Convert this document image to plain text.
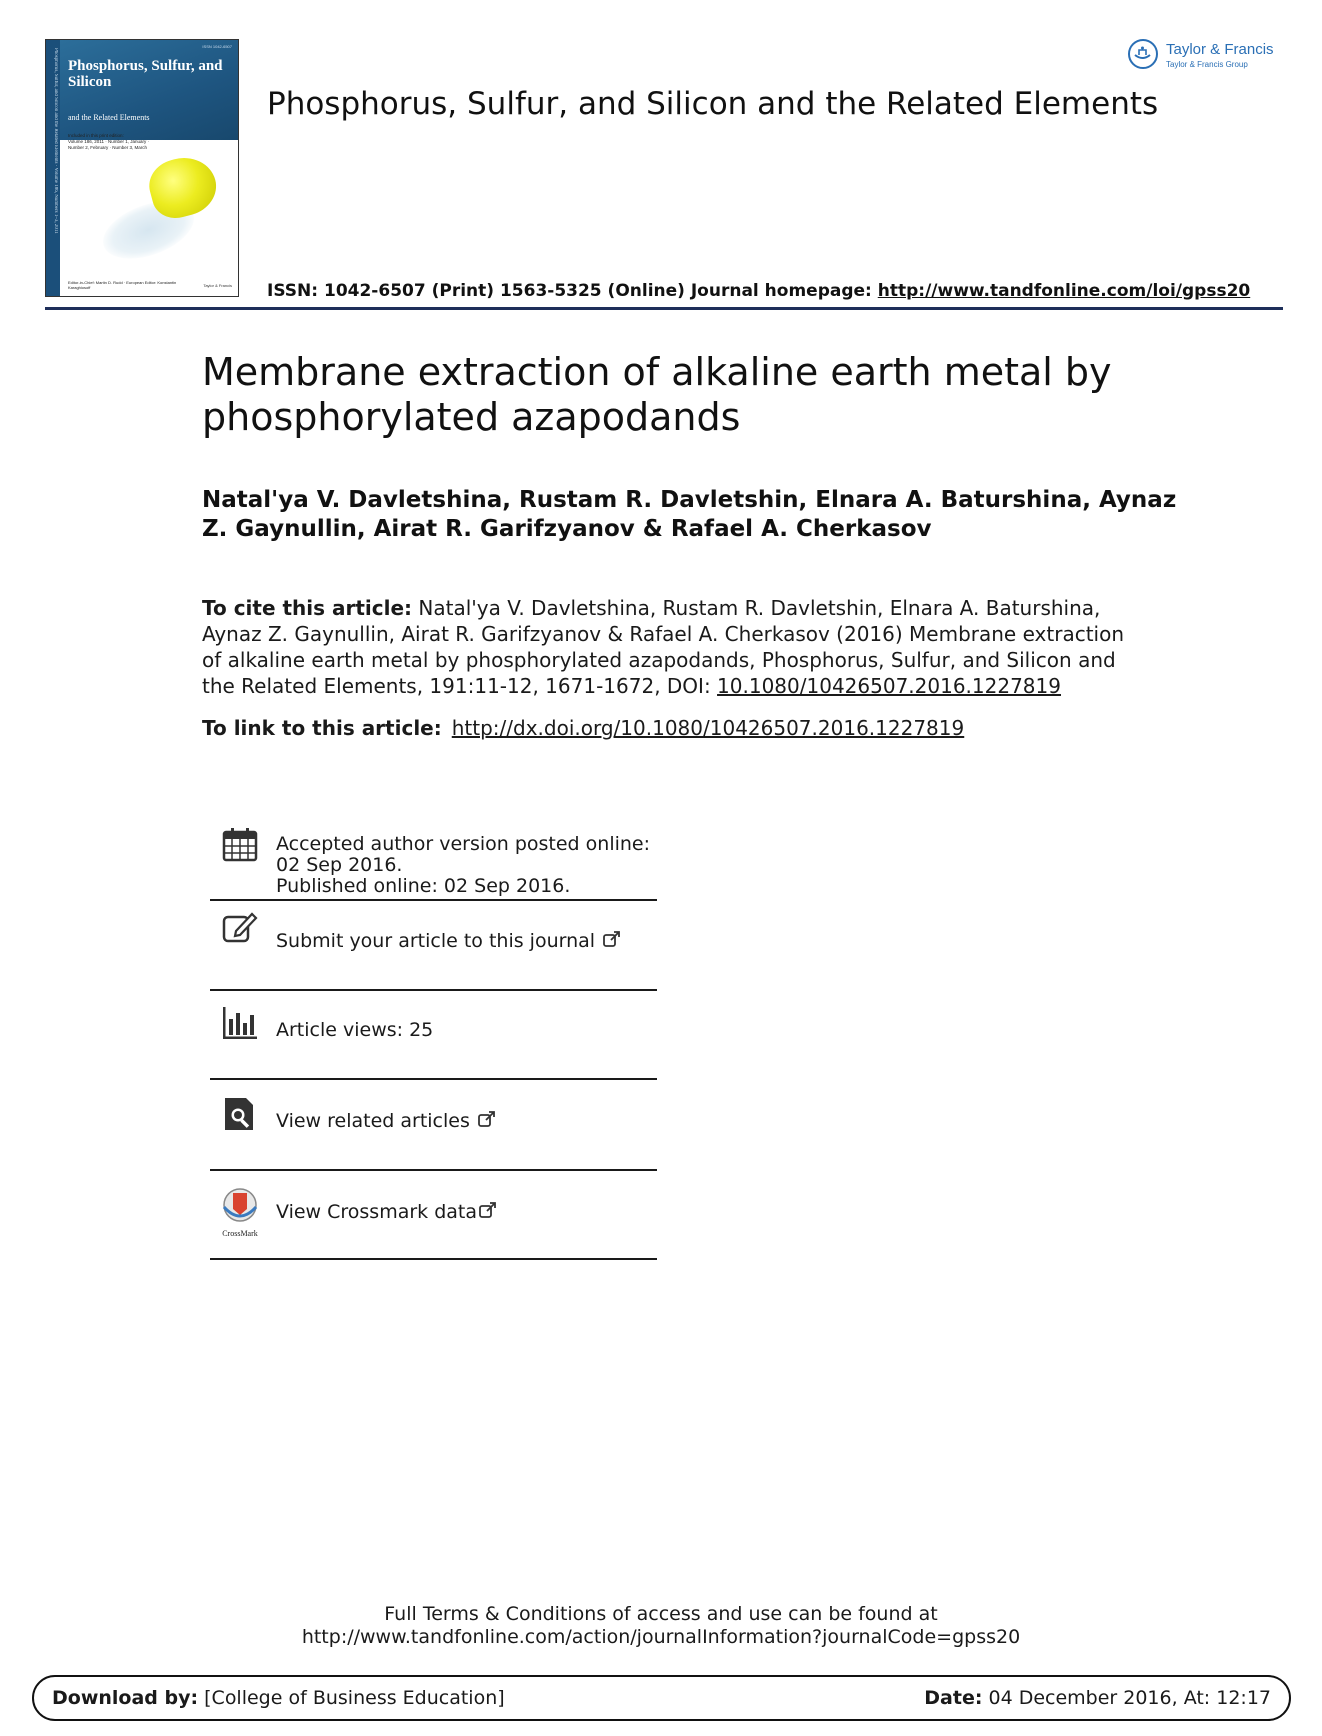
Phosphorus, Sulfur, and Silicon and the Related Elements · Volume 186, Numbers 1–3, 2011
ISSN 1042-6507
Phosphorus, Sulfur, and Silicon
and the Related Elements
Included in this print edition:
Volume 186, 2011 · Number 1, January · Number 2, February · Number 3, March
Editor-in-Chief: Martin D. Rudd · European Editor: Konstantin Karaghiosoff	Taylor & Francis
Phosphorus, Sulfur, and Silicon and the Related Elements
Taylor & Francis
Taylor & Francis Group
ISSN: 1042-6507 (Print) 1563-5325 (Online) Journal homepage: http://www.tandfonline.com/loi/gpss20
Membrane extraction of alkaline earth metal by phosphorylated azapodands
Natal'ya V. Davletshina, Rustam R. Davletshin, Elnara A. Baturshina, Aynaz Z. Gaynullin, Airat R. Garifzyanov & Rafael A. Cherkasov
To cite this article: Natal'ya V. Davletshina, Rustam R. Davletshin, Elnara A. Baturshina, Aynaz Z. Gaynullin, Airat R. Garifzyanov & Rafael A. Cherkasov (2016) Membrane extraction of alkaline earth metal by phosphorylated azapodands, Phosphorus, Sulfur, and Silicon and the Related Elements, 191:11-12, 1671-1672, DOI: 10.1080/10426507.2016.1227819
To link to this article: http://dx.doi.org/10.1080/10426507.2016.1227819
Accepted author version posted online: 02 Sep 2016.
Published online: 02 Sep 2016.
Submit your article to this journal
Article views: 25
View related articles
CrossMark
View Crossmark data
Full Terms & Conditions of access and use can be found at
http://www.tandfonline.com/action/journalInformation?journalCode=gpss20
Download by: [College of Business Education]	Date: 04 December 2016, At: 12:17
